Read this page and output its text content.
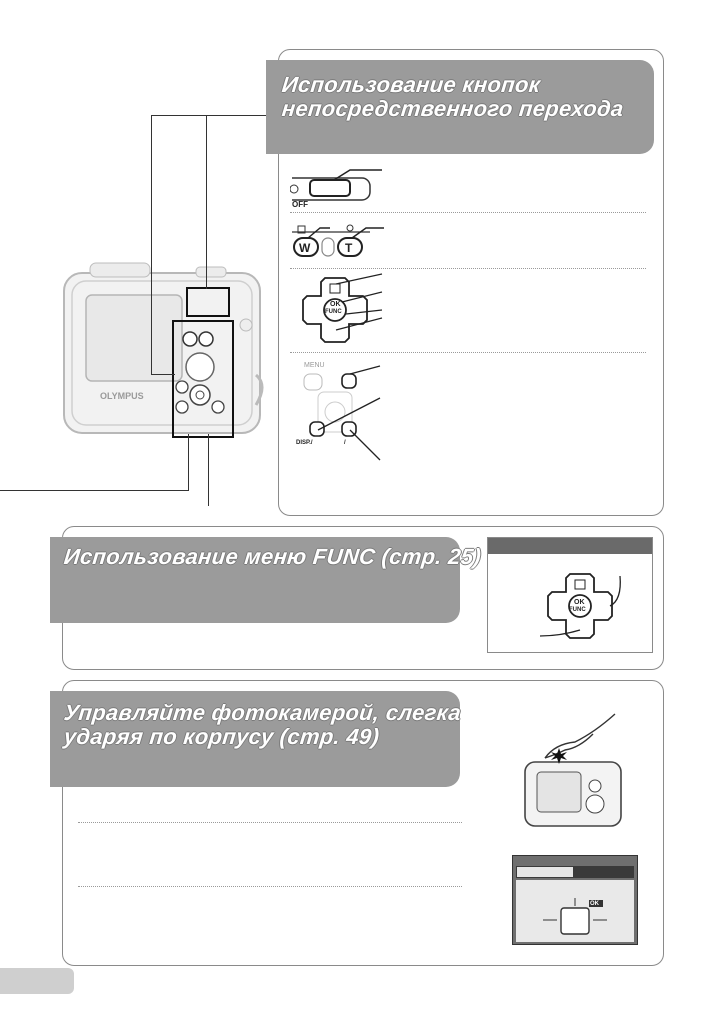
OLYMPUS
Использование кнопок
непосредственного перехода
OFF
W	T
OK
FUNC
MENU
DISP./	/
Использование меню FUNC (стр. 25)
OK
FUNC
Управляйте фотокамерой, слегка
ударяя по корпусу (стр. 49)
OK
